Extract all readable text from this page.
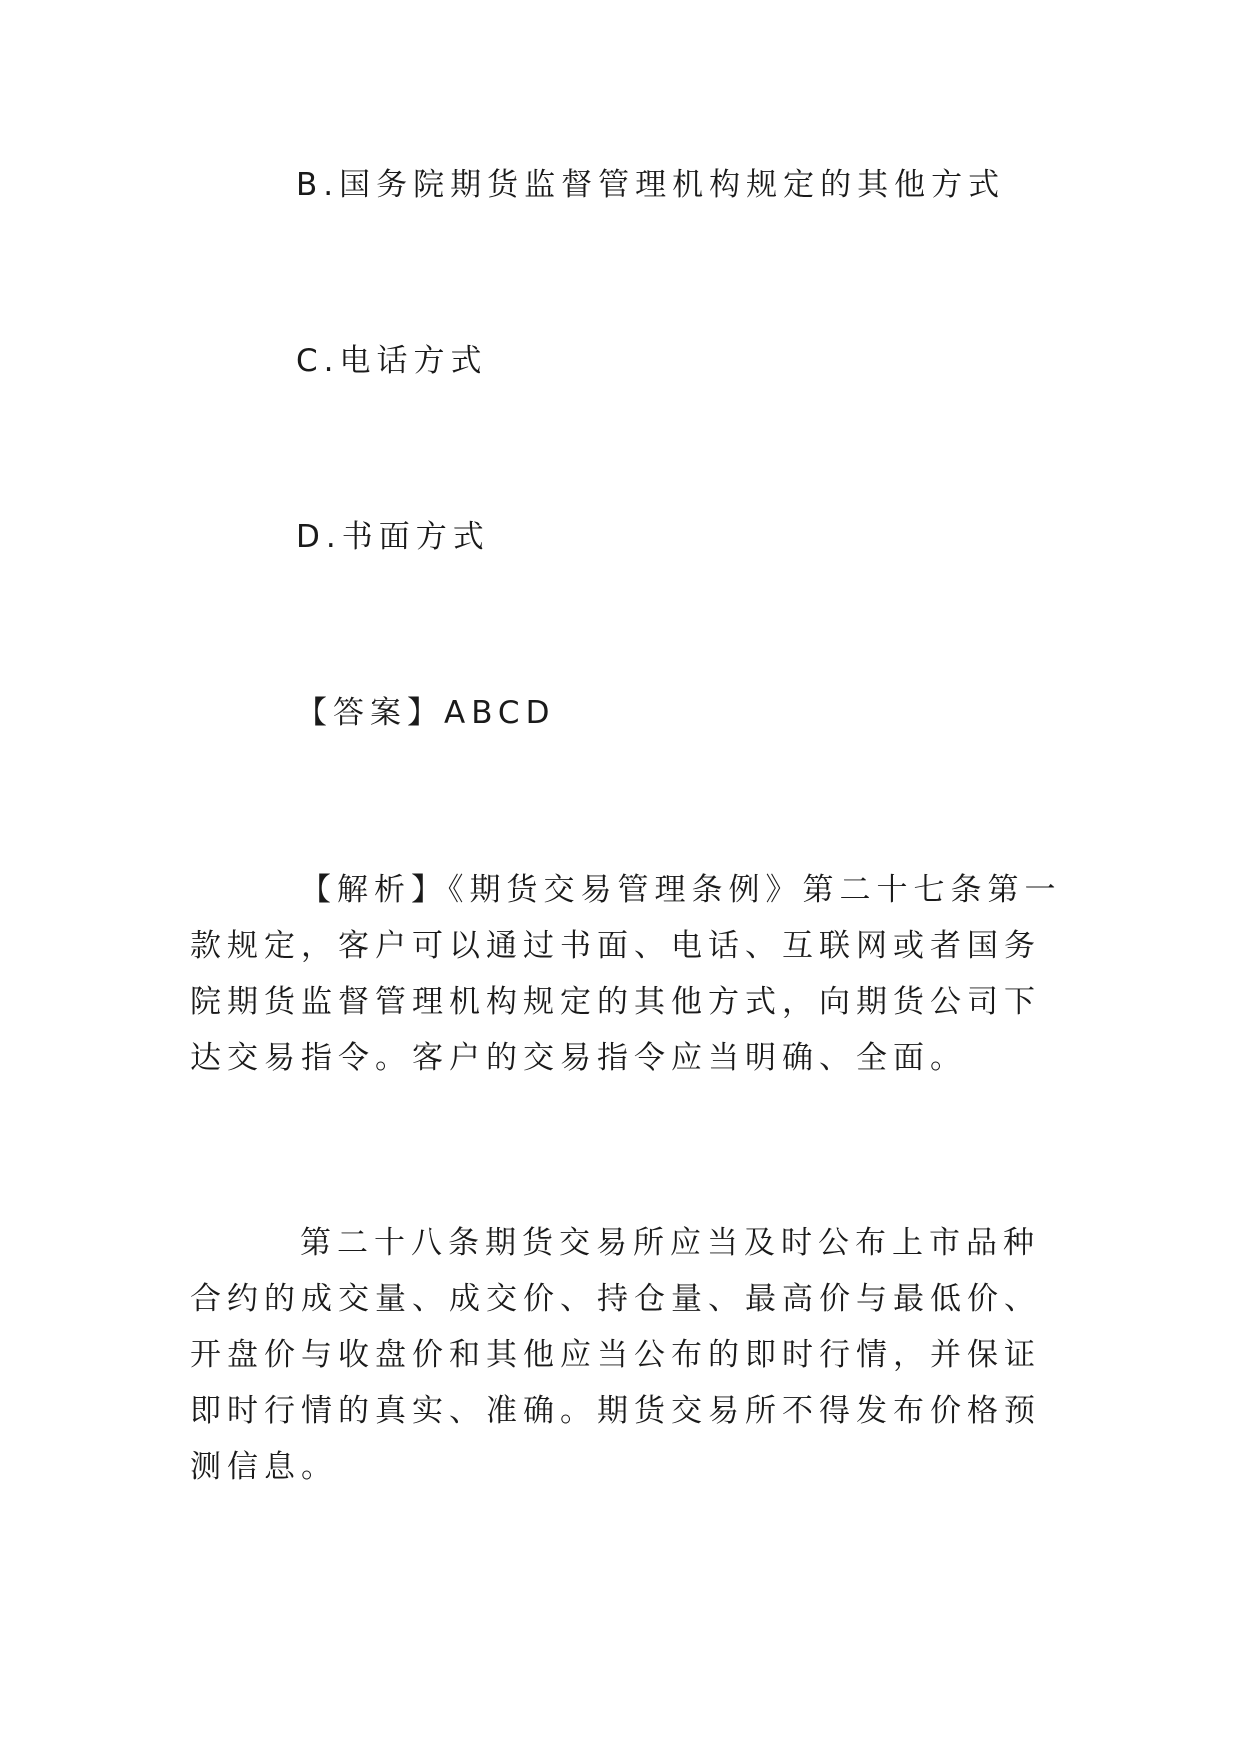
B.国务院期货监督管理机构规定的其他方式

C.电话方式

D.书面方式

【答案】ABCD

【解析】《期货交易管理条例》第二十七条第一款规定，客户可以通过书面、电话、互联网或者国务院期货监督管理机构规定的其他方式，向期货公司下达交易指令。客户的交易指令应当明确、全面。

第二十八条期货交易所应当及时公布上市品种合约的成交量、成交价、持仓量、最高价与最低价、开盘价与收盘价和其他应当公布的即时行情，并保证即时行情的真实、准确。期货交易所不得发布价格预测信息。
